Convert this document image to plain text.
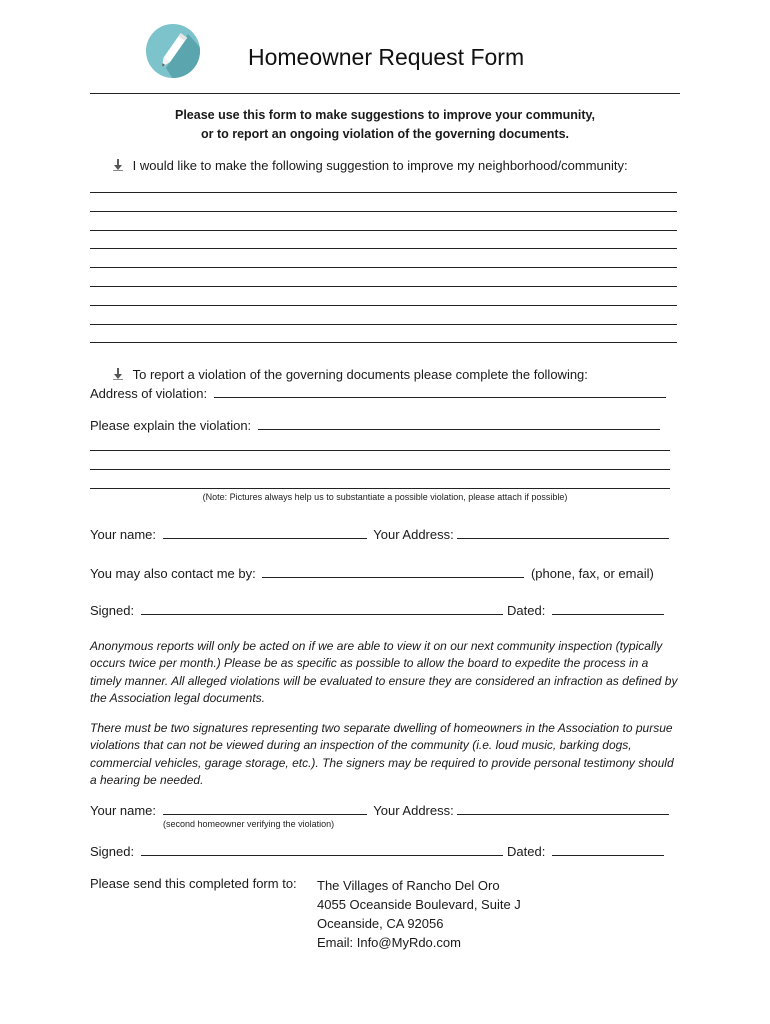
Homeowner Request Form
Please use this form to make suggestions to improve your community,
or to report an ongoing violation of the governing documents.
I would like to make the following suggestion to improve my neighborhood/community:
To report a violation of the governing documents please complete the following:
Address of violation:
Please explain the violation:
(Note: Pictures always help us to substantiate a possible violation, please attach if possible)
Your name:	Your Address:
You may also contact me by:	(phone, fax, or email)
Signed:	Dated:
Anonymous reports will only be acted on if we are able to view it on our next community inspection (typically occurs twice per month.) Please be as specific as possible to allow the board to expedite the process in a timely manner. All alleged violations will be evaluated to ensure they are considered an infraction as defined by the Association legal documents.
There must be two signatures representing two separate dwelling of homeowners in the Association to pursue violations that can not be viewed during an inspection of the community (i.e. loud music, barking dogs, commercial vehicles, garage storage, etc.). The signers may be required to provide personal testimony should a hearing be needed.
Your name:	Your Address:
(second homeowner verifying the violation)
Signed:	Dated:
Please send this completed form to: The Villages of Rancho Del Oro
4055 Oceanside Boulevard, Suite J
Oceanside, CA 92056
Email: Info@MyRdo.com
